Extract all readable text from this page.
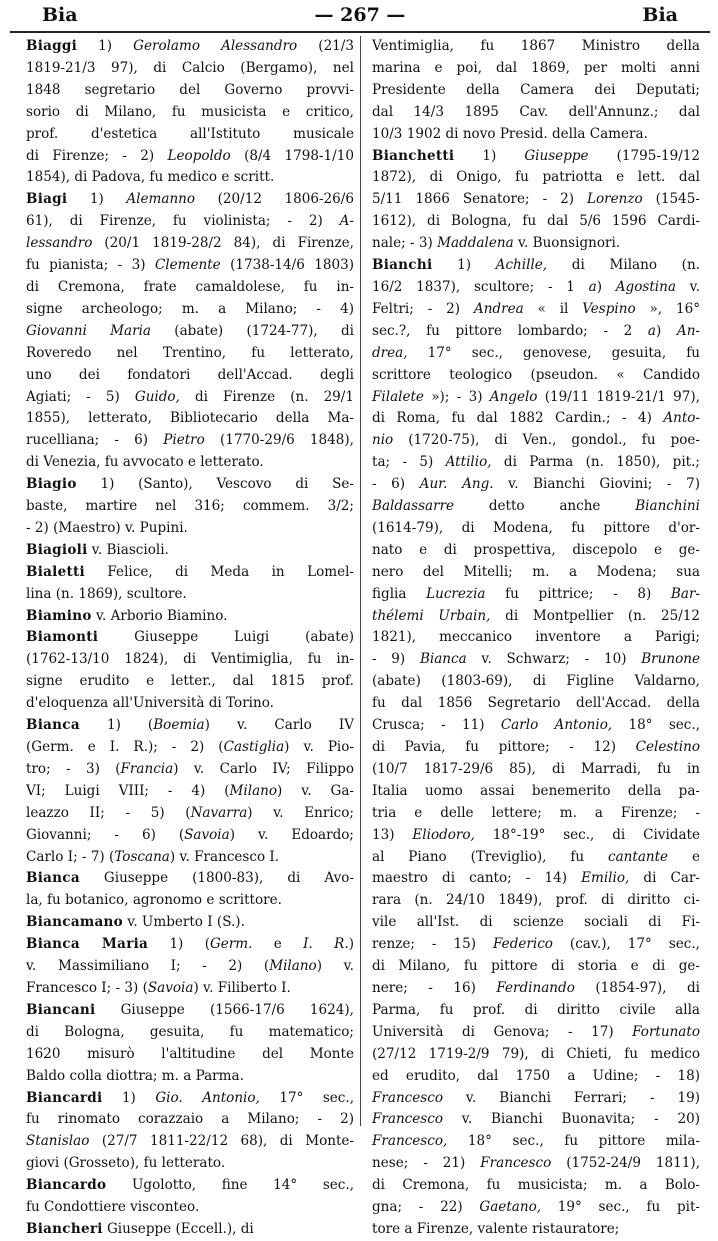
Bia	— 267 —	Bia
Biaggi 1) Gerolamo Alessandro (21/3
1819-21/3 97), di Calcio (Bergamo), nel
1848 segretario del Governo provvi-
sorio di Milano, fu musicista e critico,
prof. d'estetica all'Istituto musicale
di Firenze; - 2) Leopoldo (8/4 1798-1/10
1854), di Padova, fu medico e scritt.
Biagi 1) Alemanno (20/12 1806-26/6
61), di Firenze, fu violinista; - 2) A-
lessandro (20/1 1819-28/2 84), di Firenze,
fu pianista; - 3) Clemente (1738-14/6 1803)
di Cremona, frate camaldolese, fu in-
signe archeologo; m. a Milano; - 4)
Giovanni Maria (abate) (1724-77), di
Roveredo nel Trentino, fu letterato,
uno dei fondatori dell'Accad. degli
Agiati; - 5) Guido, di Firenze (n. 29/1
1855), letterato, Bibliotecario della Ma-
rucelliana; - 6) Pietro (1770-29/6 1848),
di Venezia, fu avvocato e letterato.
Biagio 1) (Santo), Vescovo di Se-
baste, martire nel 316; commem. 3/2;
- 2) (Maestro) v. Pupini.
Biagioli v. Biascioli.
Bialetti Felice, di Meda in Lomel-
lina (n. 1869), scultore.
Biamino v. Arborio Biamino.
Biamonti Giuseppe Luigi (abate)
(1762-13/10 1824), di Ventimiglia, fu in-
signe erudito e letter., dal 1815 prof.
d'eloquenza all'Università di Torino.
Bianca 1) (Boemia) v. Carlo IV
(Germ. e I. R.); - 2) (Castiglia) v. Pio-
tro; - 3) (Francia) v. Carlo IV; Filippo
VI; Luigi VIII; - 4) (Milano) v. Ga-
leazzo II; - 5) (Navarra) v. Enrico;
Giovanni; - 6) (Savoia) v. Edoardo;
Carlo I; - 7) (Toscana) v. Francesco I.
Bianca Giuseppe (1800-83), di Avo-
la, fu botanico, agronomo e scrittore.
Biancamano v. Umberto I (S.).
Bianca Maria 1) (Germ. e I. R.)
v. Massimiliano I; - 2) (Milano) v.
Francesco I; - 3) (Savoia) v. Filiberto I.
Biancani Giuseppe (1566-17/6 1624),
di Bologna, gesuita, fu matematico;
1620 misurò l'altitudine del Monte
Baldo colla diottra; m. a Parma.
Biancardi 1) Gio. Antonio, 17° sec.,
fu rinomato corazzaio a Milano; - 2)
Stanislao (27/7 1811-22/12 68), di Monte-
giovi (Grosseto), fu letterato.
Biancardo Ugolotto, fine 14° sec.,
fu Condottiere visconteo.
Biancheri Giuseppe (Eccell.), di
Ventimiglia, fu 1867 Ministro della
marina e poi, dal 1869, per molti anni
Presidente della Camera dei Deputati;
dal 14/3 1895 Cav. dell'Annunz.; dal
10/3 1902 di novo Presid. della Camera.
Bianchetti 1) Giuseppe (1795-19/12
1872), di Onigo, fu patriotta e lett. dal
5/11 1866 Senatore; - 2) Lorenzo (1545-
1612), di Bologna, fu dal 5/6 1596 Cardi-
nale; - 3) Maddalena v. Buonsignori.
Bianchi 1) Achille, di Milano (n.
16/2 1837), scultore; - 1 a) Agostina v.
Feltri; - 2) Andrea « il Vespino », 16°
sec.?, fu pittore lombardo; - 2 a) An-
drea, 17° sec., genovese, gesuita, fu
scrittore teologico (pseudon. « Candido
Filalete »); - 3) Angelo (19/11 1819-21/1 97),
di Roma, fu dal 1882 Cardin.; - 4) Anto-
nio (1720-75), di Ven., gondol., fu poe-
ta; - 5) Attilio, di Parma (n. 1850), pit.;
- 6) Aur. Ang. v. Bianchi Giovini; - 7)
Baldassarre detto anche Bianchini
(1614-79), di Modena, fu pittore d'or-
nato e di prospettiva, discepolo e ge-
nero del Mitelli; m. a Modena; sua
figlia Lucrezia fu pittrice; - 8) Bar-
thélemi Urbain, di Montpellier (n. 25/12
1821), meccanico inventore a Parigi;
- 9) Bianca v. Schwarz; - 10) Brunone
(abate) (1803-69), di Figline Valdarno,
fu dal 1856 Segretario dell'Accad. della
Crusca; - 11) Carlo Antonio, 18° sec.,
di Pavia, fu pittore; - 12) Celestino
(10/7 1817-29/6 85), di Marradi, fu in
Italia uomo assai benemerito della pa-
tria e delle lettere; m. a Firenze; -
13) Eliodoro, 18°-19° sec., di Cividate
al Piano (Treviglio), fu cantante e
maestro di canto; - 14) Emilio, di Car-
rara (n. 24/10 1849), prof. di diritto ci-
vile all'Ist. di scienze sociali di Fi-
renze; - 15) Federico (cav.), 17° sec.,
di Milano, fu pittore di storia e di ge-
nere; - 16) Ferdinando (1854-97), di
Parma, fu prof. di diritto civile alla
Università di Genova; - 17) Fortunato
(27/12 1719-2/9 79), di Chieti, fu medico
ed erudito, dal 1750 a Udine; - 18)
Francesco v. Bianchi Ferrari; - 19)
Francesco v. Bianchi Buonavita; - 20)
Francesco, 18° sec., fu pittore mila-
nese; - 21) Francesco (1752-24/9 1811),
di Cremona, fu musicista; m. a Bolo-
gna; - 22) Gaetano, 19° sec., fu pit-
tore a Firenze, valente ristauratore;
